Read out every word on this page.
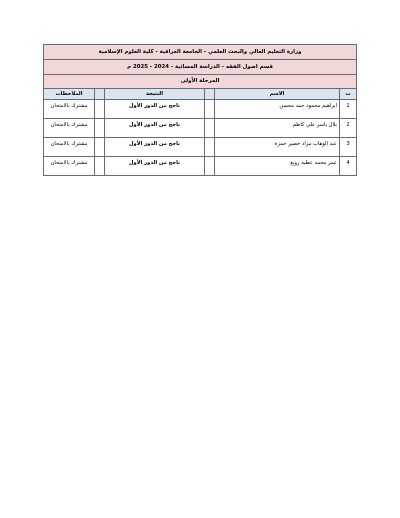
وزارة التعليم العالي والبحث العلمي - الجامعة العراقية - كلية العلوم الإسلامية
قسم اصول الفقه - الدراسة المسائية - 2024 - 2025 م
المرحلة الأولى
ت	الاسم		النتيجة		الملاحظات
1	ابراهيم محمود حمد محسن		ناجح من الدور الأول		مشترك بالامتحان
2	بلال ياسر علي كاظم		ناجح من الدور الأول		مشترك بالامتحان
3	عبد الوهاب مزاد خضير حمزة		ناجح من الدور الأول		مشترك بالامتحان
4	عمر محمد عطيه زوبع		ناجح من الدور الأول		مشترك بالامتحان
